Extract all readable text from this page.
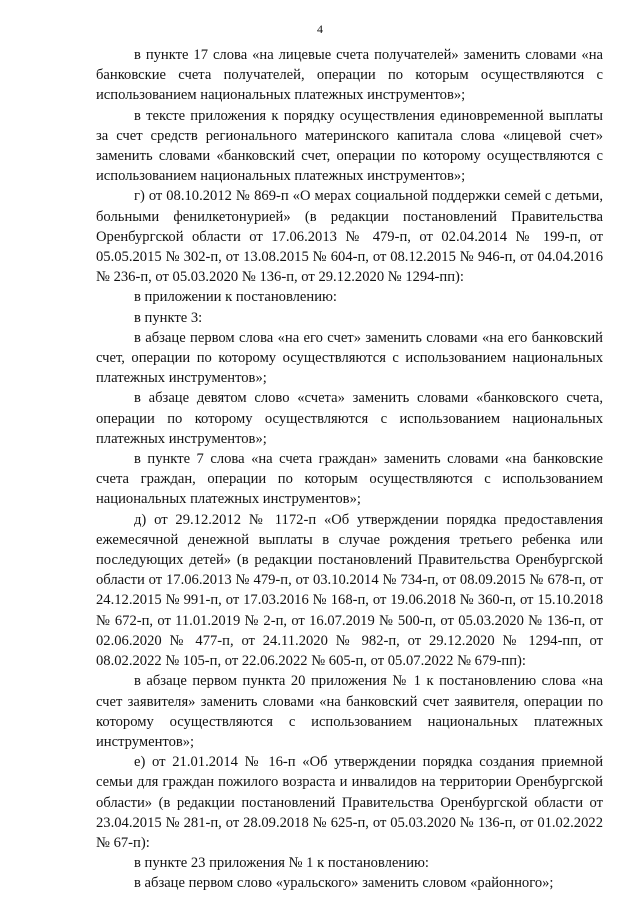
4

в пункте 17 слова «на лицевые счета получателей» заменить словами «на банковские счета получателей, операции по которым осуществляются с использованием национальных платежных инструментов»;

в тексте приложения к порядку осуществления единовременной выплаты за счет средств регионального материнского капитала слова «лицевой счет» заменить словами «банковский счет, операции по которому осуществляются с использованием национальных платежных инструментов»;

г) от 08.10.2012 № 869-п «О мерах социальной поддержки семей с детьми, больными фенилкетонурией» (в редакции постановлений Правительства Оренбургской области от 17.06.2013 № 479-п, от 02.04.2014 № 199-п, от 05.05.2015 № 302-п, от 13.08.2015 № 604-п, от 08.12.2015 № 946-п, от 04.04.2016 № 236-п, от 05.03.2020 № 136-п, от 29.12.2020 № 1294-пп):

в приложении к постановлению:

в пункте 3:

в абзаце первом слова «на его счет» заменить словами «на его банковский счет, операции по которому осуществляются с использованием национальных платежных инструментов»;

в абзаце девятом слово «счета» заменить словами «банковского счета, операции по которому осуществляются с использованием национальных платежных инструментов»;

в пункте 7 слова «на счета граждан» заменить словами «на банковские счета граждан, операции по которым осуществляются с использованием национальных платежных инструментов»;

д) от 29.12.2012 № 1172-п «Об утверждении порядка предоставления ежемесячной денежной выплаты в случае рождения третьего ребенка или последующих детей» (в редакции постановлений Правительства Оренбургской области от 17.06.2013 № 479-п, от 03.10.2014 № 734-п, от 08.09.2015 № 678-п, от 24.12.2015 № 991-п, от 17.03.2016 № 168-п, от 19.06.2018 № 360-п, от 15.10.2018 № 672-п, от 11.01.2019 № 2-п, от 16.07.2019 № 500-п, от 05.03.2020 № 136-п, от 02.06.2020 № 477-п, от 24.11.2020 № 982-п, от 29.12.2020 № 1294-пп, от 08.02.2022 № 105-п, от 22.06.2022 № 605-п, от 05.07.2022 № 679-пп):

в абзаце первом пункта 20 приложения № 1 к постановлению слова «на счет заявителя» заменить словами «на банковский счет заявителя, операции по которому осуществляются с использованием национальных платежных инструментов»;

е) от 21.01.2014 № 16-п «Об утверждении порядка создания приемной семьи для граждан пожилого возраста и инвалидов на территории Оренбургской области» (в редакции постановлений Правительства Оренбургской области от 23.04.2015 № 281-п, от 28.09.2018 № 625-п, от 05.03.2020 № 136-п, от 01.02.2022 № 67-п):

в пункте 23 приложения № 1 к постановлению:

в абзаце первом слово «уральского» заменить словом «районного»;
